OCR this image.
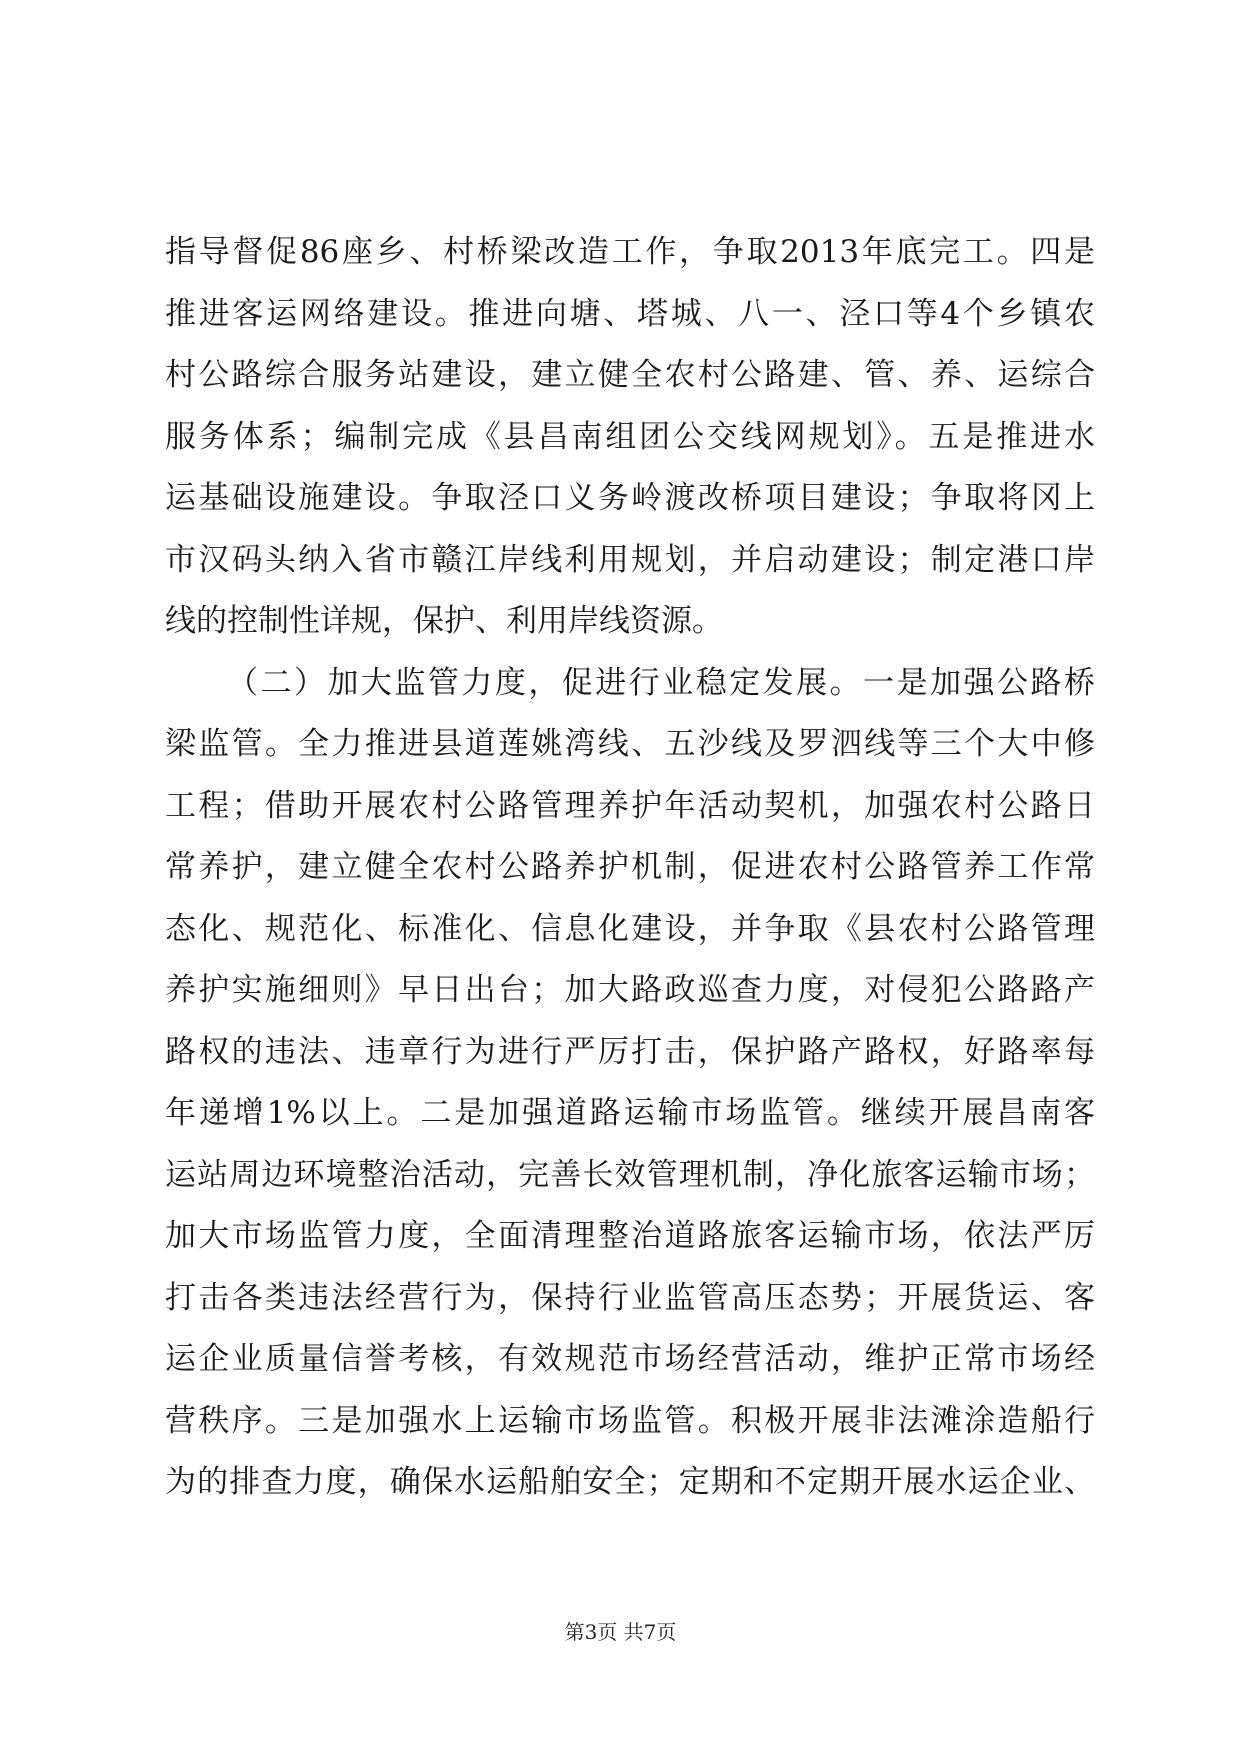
指导督促86座乡、村桥梁改造工作，争取2013年底完工。四是
推进客运网络建设。推进向塘、塔城、八一、泾口等4个乡镇农
村公路综合服务站建设，建立健全农村公路建、管、养、运综合
服务体系；编制完成《县昌南组团公交线网规划》。五是推进水
运基础设施建设。争取泾口义务岭渡改桥项目建设；争取将冈上
市汉码头纳入省市赣江岸线利用规划，并启动建设；制定港口岸
线的控制性详规，保护、利用岸线资源。
（二）加大监管力度，促进行业稳定发展。一是加强公路桥
梁监管。全力推进县道莲姚湾线、五沙线及罗泗线等三个大中修
工程；借助开展农村公路管理养护年活动契机，加强农村公路日
常养护，建立健全农村公路养护机制，促进农村公路管养工作常
态化、规范化、标准化、信息化建设，并争取《县农村公路管理
养护实施细则》早日出台；加大路政巡查力度，对侵犯公路路产
路权的违法、违章行为进行严厉打击，保护路产路权，好路率每
年递增1%以上。二是加强道路运输市场监管。继续开展昌南客
运站周边环境整治活动，完善长效管理机制，净化旅客运输市场；
加大市场监管力度，全面清理整治道路旅客运输市场，依法严厉
打击各类违法经营行为，保持行业监管高压态势；开展货运、客
运企业质量信誉考核，有效规范市场经营活动，维护正常市场经
营秩序。三是加强水上运输市场监管。积极开展非法滩涂造船行
为的排查力度，确保水运船舶安全；定期和不定期开展水运企业、
第3页 共7页
